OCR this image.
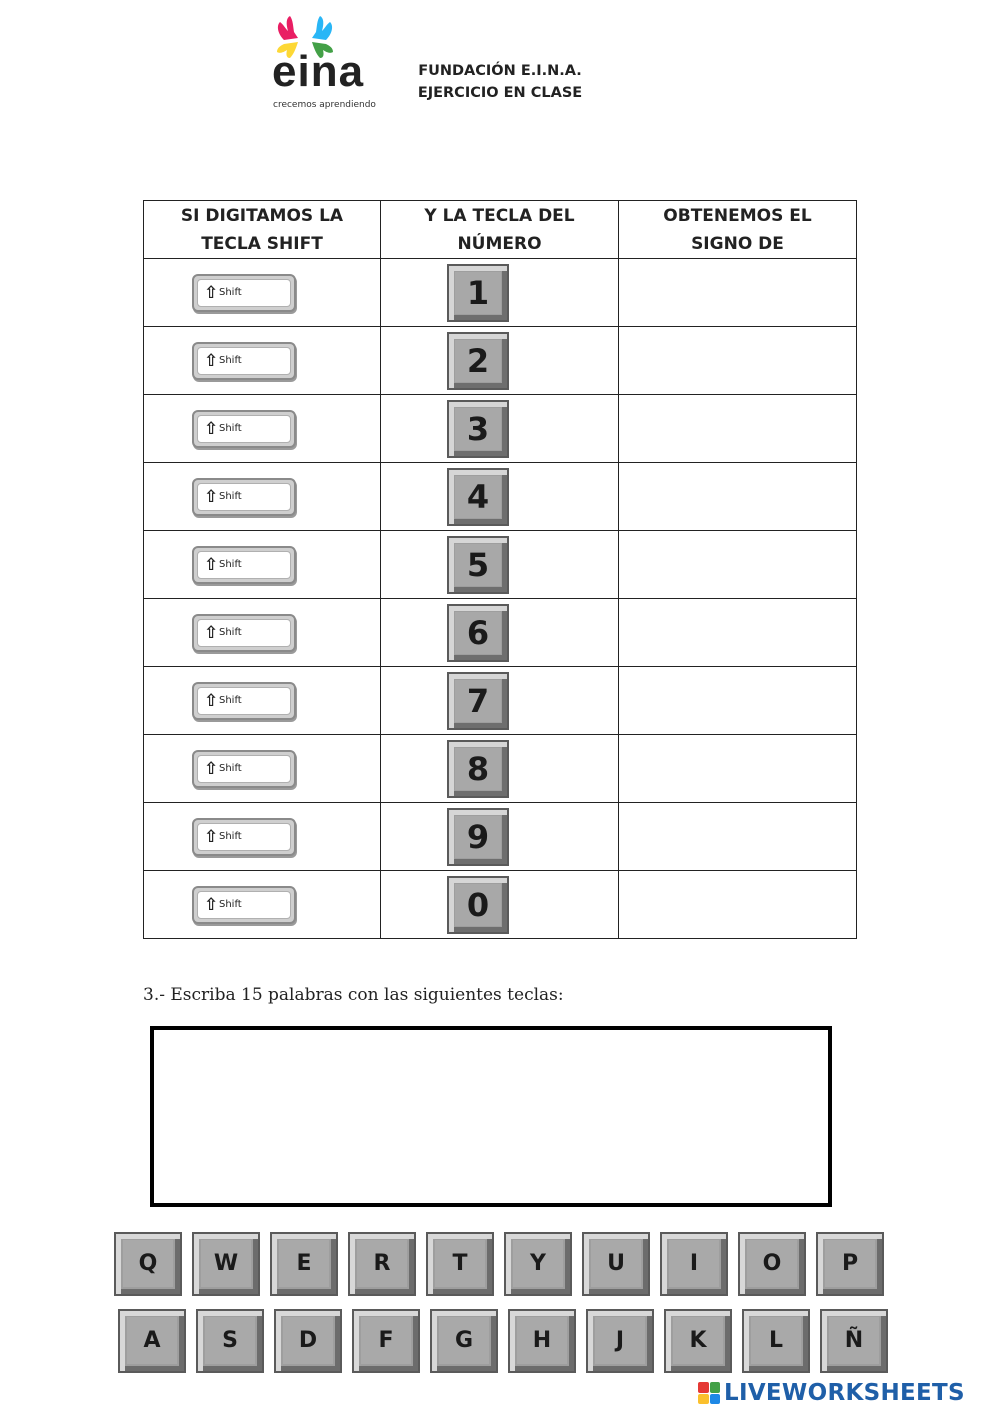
eina
crecemos aprendiendo
FUNDACIÓN E.I.N.A.
EJERCICIO EN CLASE
SI DIGITAMOS LA TECLA SHIFT	Y LA TECLA DEL NÚMERO	OBTENEMOS EL SIGNO DE

⇧ Shift	1	

⇧ Shift	2	

⇧ Shift	3	

⇧ Shift	4	

⇧ Shift	5	

⇧ Shift	6	

⇧ Shift	7	

⇧ Shift	8	

⇧ Shift	9	

⇧ Shift	0	

3.- Escriba 15 palabras con las siguientes teclas:
Q	W	E	R	T	Y	U	I	O	P
A	S	D	F	G	H	J	K	L	Ñ
LIVEWORKSHEETS
